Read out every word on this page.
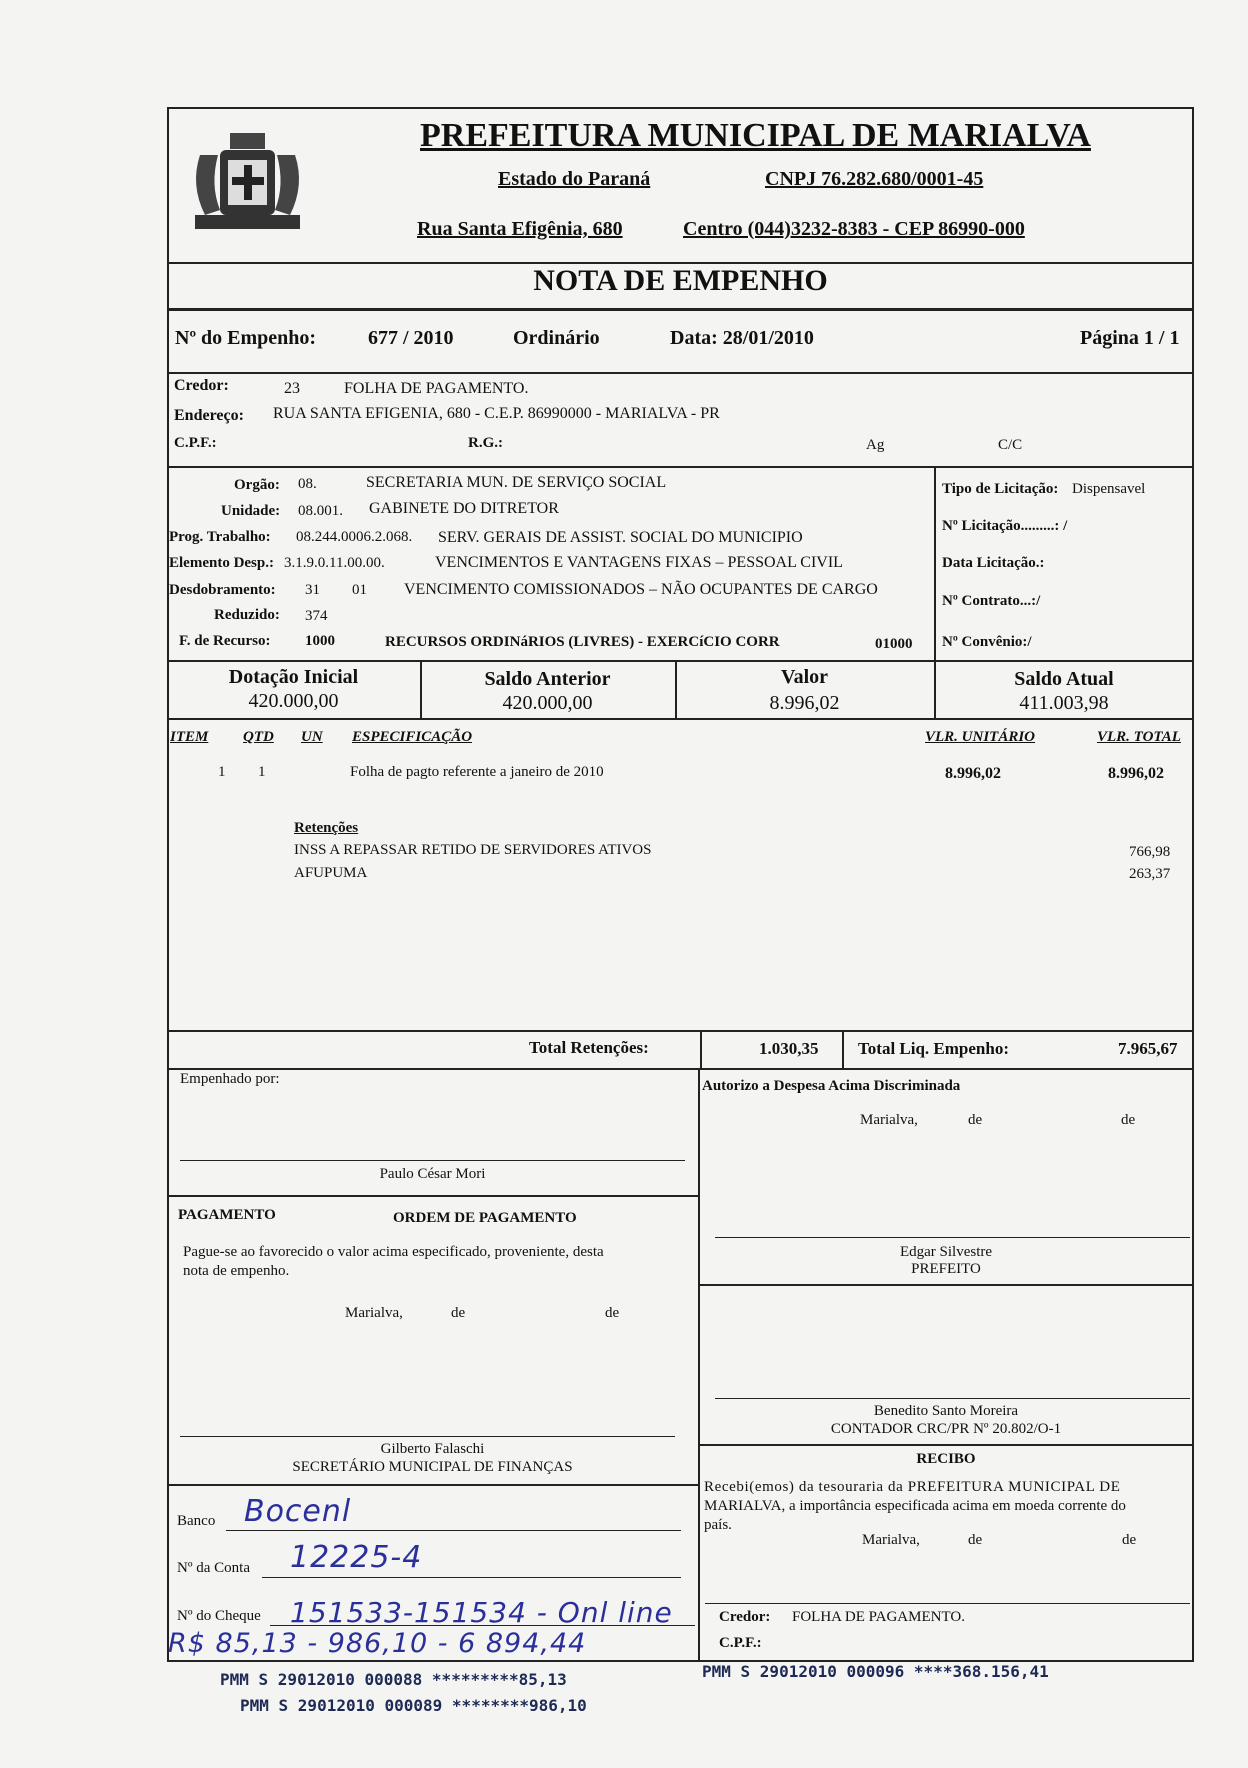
PREFEITURA MUNICIPAL DE MARIALVA
Estado do Paraná	CNPJ 76.282.680/0001-45
Rua Santa Efigênia, 680	Centro (044)3232-8383 - CEP 86990-000
NOTA DE EMPENHO
Nº do Empenho:	677 / 2010	Ordinário	Data: 28/01/2010	Página 1 / 1
Credor:	23	FOLHA DE PAGAMENTO.
Endereço: RUA SANTA EFIGENIA, 680 - C.E.P. 86990000 - MARIALVA - PR
C.P.F.:	R.G.:	Ag	C/C
Orgão: 08.	SECRETARIA MUN. DE SERVIÇO SOCIAL
Unidade: 08.001. GABINETE DO DITRETOR
Prog. Trabalho: 08.244.0006.2.068. SERV. GERAIS DE ASSIST. SOCIAL DO MUNICIPIO
Elemento Desp.: 3.1.9.0.11.00.00.	VENCIMENTOS E VANTAGENS FIXAS – PESSOAL CIVIL
Desdobramento: 31 01 VENCIMENTO COMISSIONADOS – NÃO OCUPANTES DE CARGO
Reduzido: 374
F. de Recurso: 1000	RECURSOS ORDINáRIOS (LIVRES) - EXERCíCIO CORR	01000
Tipo de Licitação: Dispensavel
Nº Licitação.........: /
Data Licitação.:
Nº Contrato...:/
Nº Convênio:/
Dotação Inicial
420.000,00
Saldo Anterior
420.000,00
Valor
8.996,02
Saldo Atual
411.003,98
ITEM QTD UN ESPECIFICAÇÃO	VLR. UNITÁRIO	VLR. TOTAL
1 1	Folha de pagto referente a janeiro de 2010	8.996,02	8.996,02
Retenções
INSS A REPASSAR RETIDO DE SERVIDORES ATIVOS	766,98
AFUPUMA	263,37
Total Retenções:	1.030,35 Total Liq. Empenho:	7.965,67
Empenhado por:
Paulo César Mori
Autorizo a Despesa Acima Discriminada
Marialva,	de	de
Edgar Silvestre
PREFEITO
PAGAMENTO	ORDEM DE PAGAMENTO
Pague-se ao favorecido o valor acima especificado, proveniente, desta
nota de empenho.
Marialva,	de	de
Gilberto Falaschi
SECRETÁRIO MUNICIPAL DE FINANÇAS
Benedito Santo Moreira
CONTADOR CRC/PR Nº 20.802/O-1
RECIBO
Recebi(emos) da tesouraria da PREFEITURA MUNICIPAL DE
MARIALVA, a importância especificada acima em moeda corrente do
país.
Marialva,	de	de
Credor: FOLHA DE PAGAMENTO.
C.P.F.:
Banco Bocenl
Nº da Conta 12225-4
Nº do Cheque 151533-151534 - Onl line
R$ 85,13 - 986,10 - 6 894,44
PMM S 29012010 000088 *********85,13
PMM S 29012010 000089 ********986,10
PMM S 29012010 000096 ****368.156,41
